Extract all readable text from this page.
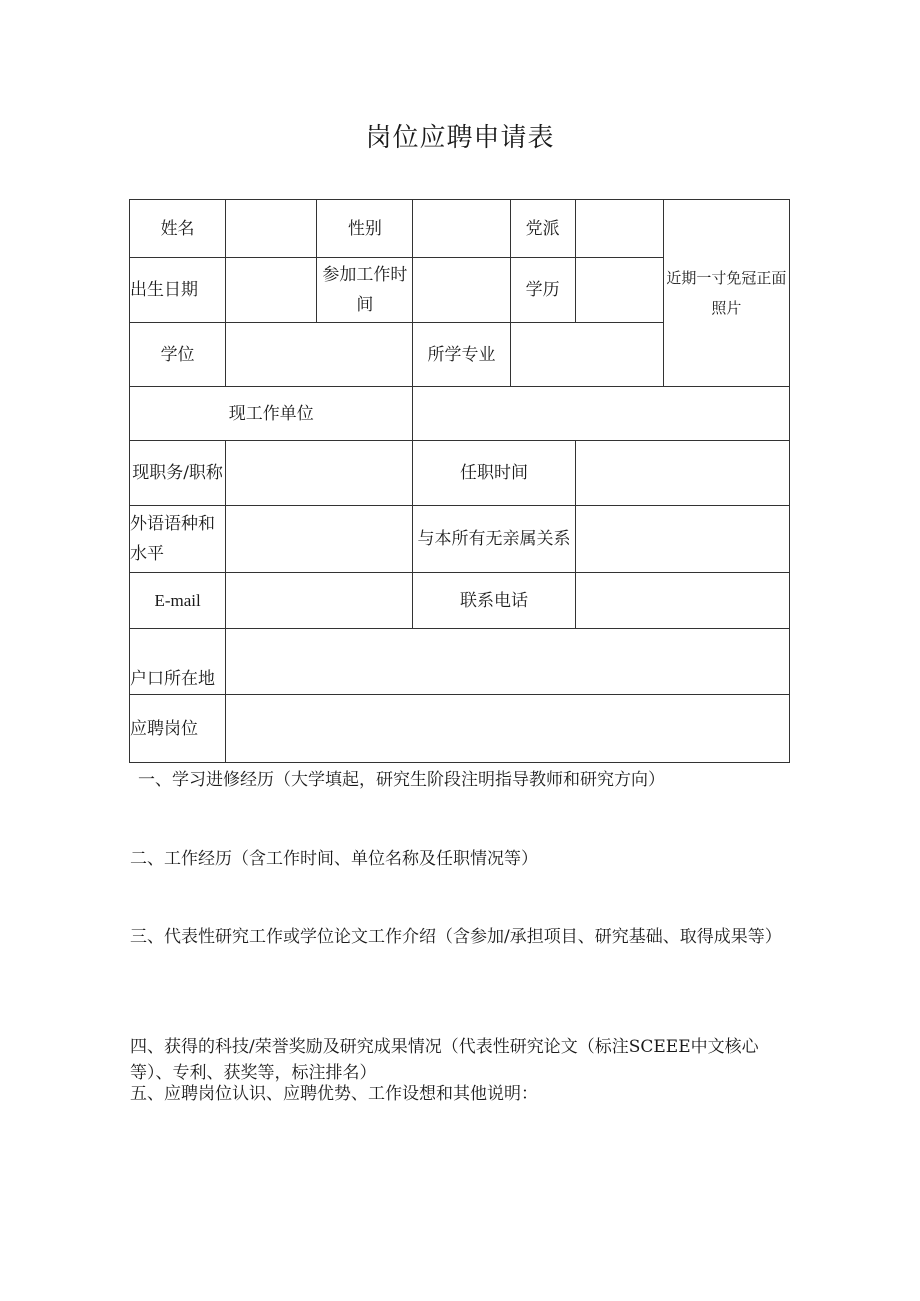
岗位应聘申请表
姓名		性别		党派		近期一寸免冠正面照片
出生日期		参加工作时间		学历		

学位			所学专业			

现工作单位						

现职务/职称			任职时间			

外语语种和水平			与本所有无亲属关系			

E-mail			联系电话			

户口所在地						

应聘岗位						
一、学习进修经历（大学填起，研究生阶段注明指导教师和研究方向）
二、工作经历（含工作时间、单位名称及任职情况等）
三、代表性研究工作或学位论文工作介绍（含参加/承担项目、研究基础、取得成果等）
四、获得的科技/荣誉奖励及研究成果情况（代表性研究论文（标注SCEEE中文核心等）、专利、获奖等，标注排名）
五、应聘岗位认识、应聘优势、工作设想和其他说明：
